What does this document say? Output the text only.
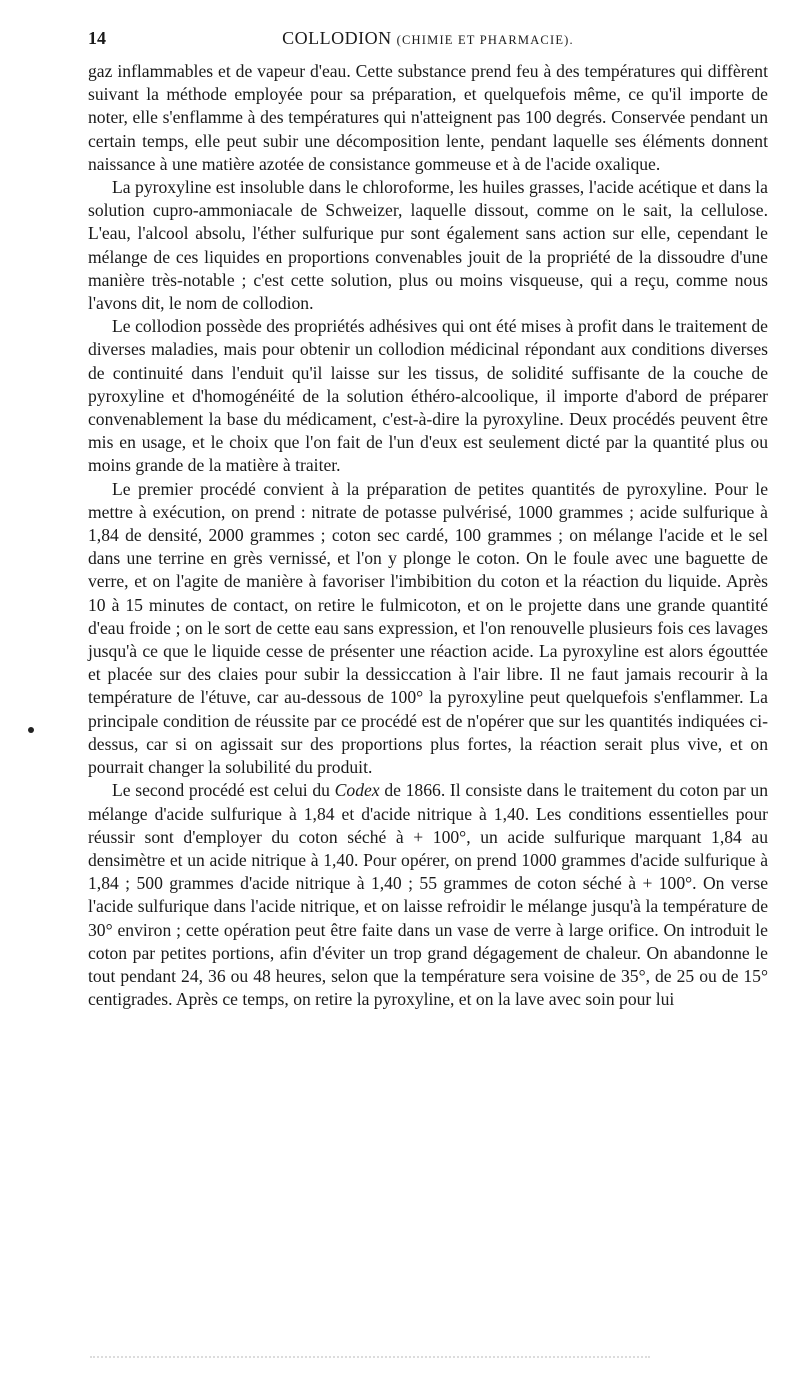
14	COLLODION (CHIMIE ET PHARMACIE).

gaz inflammables et de vapeur d'eau. Cette substance prend feu à des températures qui diffèrent suivant la méthode employée pour sa préparation, et quelquefois même, ce qu'il importe de noter, elle s'enflamme à des températures qui n'atteignent pas 100 degrés. Conservée pendant un certain temps, elle peut subir une décomposition lente, pendant laquelle ses éléments donnent naissance à une matière azotée de consistance gommeuse et à de l'acide oxalique.

La pyroxyline est insoluble dans le chloroforme, les huiles grasses, l'acide acétique et dans la solution cupro-ammoniacale de Schweizer, laquelle dissout, comme on le sait, la cellulose. L'eau, l'alcool absolu, l'éther sulfurique pur sont également sans action sur elle, cependant le mélange de ces liquides en proportions convenables jouit de la propriété de la dissoudre d'une manière très-notable ; c'est cette solution, plus ou moins visqueuse, qui a reçu, comme nous l'avons dit, le nom de collodion.

Le collodion possède des propriétés adhésives qui ont été mises à profit dans le traitement de diverses maladies, mais pour obtenir un collodion médicinal répondant aux conditions diverses de continuité dans l'enduit qu'il laisse sur les tissus, de solidité suffisante de la couche de pyroxyline et d'homogénéité de la solution éthéro-alcoolique, il importe d'abord de préparer convenablement la base du médicament, c'est-à-dire la pyroxyline. Deux procédés peuvent être mis en usage, et le choix que l'on fait de l'un d'eux est seulement dicté par la quantité plus ou moins grande de la matière à traiter.

Le premier procédé convient à la préparation de petites quantités de pyroxyline. Pour le mettre à exécution, on prend : nitrate de potasse pulvérisé, 1000 grammes ; acide sulfurique à 1,84 de densité, 2000 grammes ; coton sec cardé, 100 grammes ; on mélange l'acide et le sel dans une terrine en grès vernissé, et l'on y plonge le coton. On le foule avec une baguette de verre, et on l'agite de manière à favoriser l'imbibition du coton et la réaction du liquide. Après 10 à 15 minutes de contact, on retire le fulmicoton, et on le projette dans une grande quantité d'eau froide ; on le sort de cette eau sans expression, et l'on renouvelle plusieurs fois ces lavages jusqu'à ce que le liquide cesse de présenter une réaction acide. La pyroxyline est alors égouttée et placée sur des claies pour subir la dessiccation à l'air libre. Il ne faut jamais recourir à la température de l'étuve, car au-dessous de 100° la pyroxyline peut quelquefois s'enflammer. La principale condition de réussite par ce procédé est de n'opérer que sur les quantités indiquées ci-dessus, car si on agissait sur des proportions plus fortes, la réaction serait plus vive, et on pourrait changer la solubilité du produit.

Le second procédé est celui du Codex de 1866. Il consiste dans le traitement du coton par un mélange d'acide sulfurique à 1,84 et d'acide nitrique à 1,40. Les conditions essentielles pour réussir sont d'employer du coton séché à + 100°, un acide sulfurique marquant 1,84 au densimètre et un acide nitrique à 1,40. Pour opérer, on prend 1000 grammes d'acide sulfurique à 1,84 ; 500 grammes d'acide nitrique à 1,40 ; 55 grammes de coton séché à + 100°. On verse l'acide sulfurique dans l'acide nitrique, et on laisse refroidir le mélange jusqu'à la température de 30° environ ; cette opération peut être faite dans un vase de verre à large orifice. On introduit le coton par petites portions, afin d'éviter un trop grand dégagement de chaleur. On abandonne le tout pendant 24, 36 ou 48 heures, selon que la température sera voisine de 35°, de 25 ou de 15° centigrades. Après ce temps, on retire la pyroxyline, et on la lave avec soin pour lui
